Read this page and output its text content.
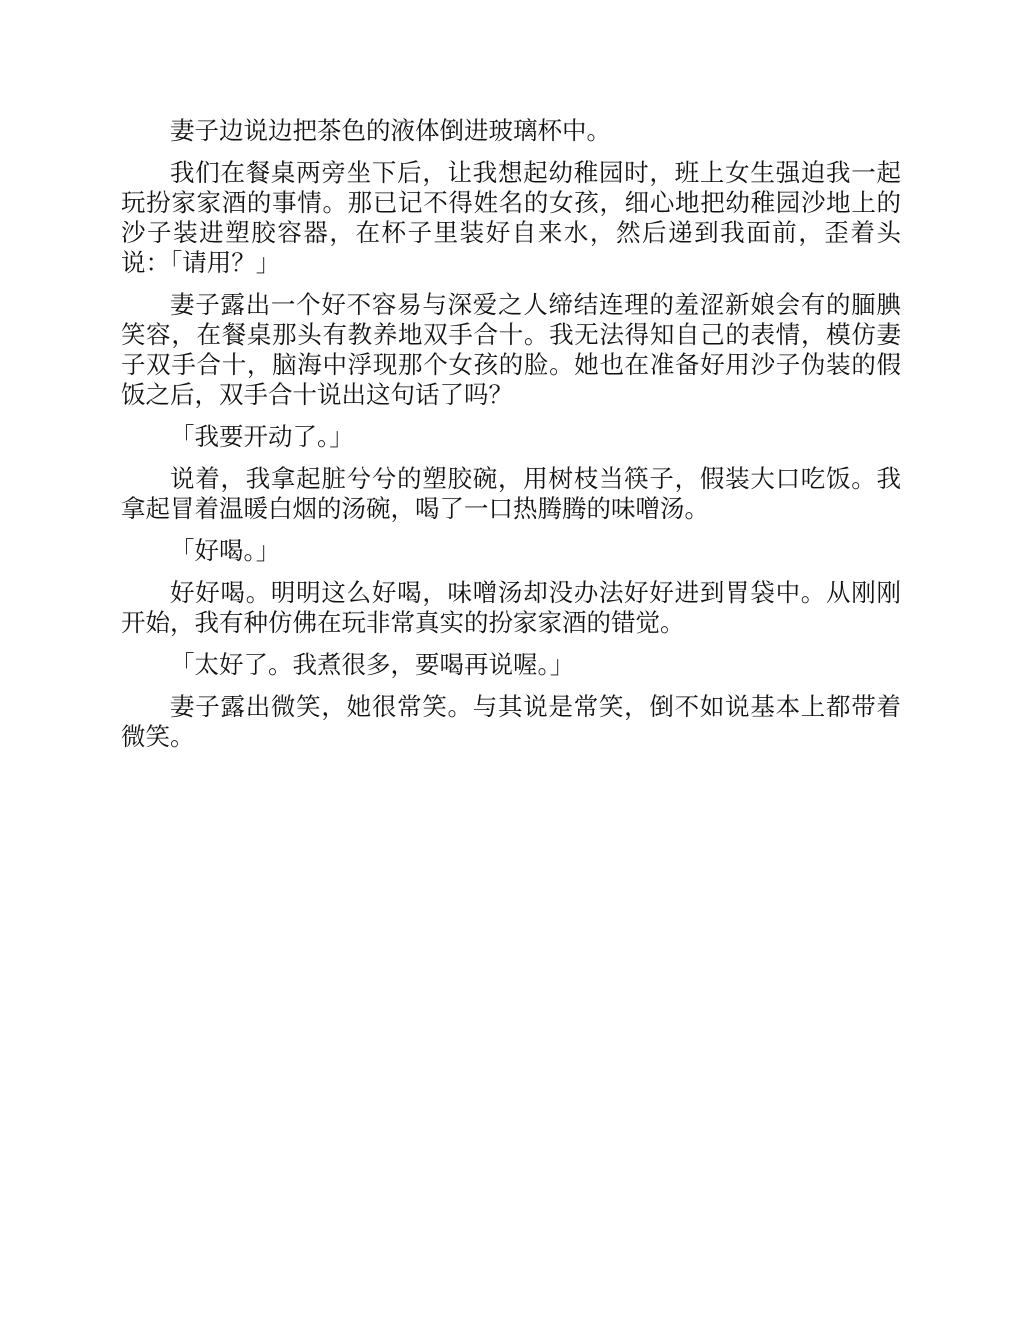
妻子边说边把茶色的液体倒进玻璃杯中。

我们在餐桌两旁坐下后，让我想起幼稚园时，班上女生强迫我一起玩扮家家酒的事情。那已记不得姓名的女孩，细心地把幼稚园沙地上的沙子装进塑胶容器，在杯子里装好自来水，然后递到我面前，歪着头说：「请用？」

妻子露出一个好不容易与深爱之人缔结连理的羞涩新娘会有的腼腆笑容，在餐桌那头有教养地双手合十。我无法得知自己的表情，模仿妻子双手合十，脑海中浮现那个女孩的脸。她也在准备好用沙子伪装的假饭之后，双手合十说出这句话了吗？

「我要开动了。」

说着，我拿起脏兮兮的塑胶碗，用树枝当筷子，假装大口吃饭。我拿起冒着温暖白烟的汤碗，喝了一口热腾腾的味噌汤。

「好喝。」

好好喝。明明这么好喝，味噌汤却没办法好好进到胃袋中。从刚刚开始，我有种仿佛在玩非常真实的扮家家酒的错觉。

「太好了。我煮很多，要喝再说喔。」

妻子露出微笑，她很常笑。与其说是常笑，倒不如说基本上都带着微笑。
